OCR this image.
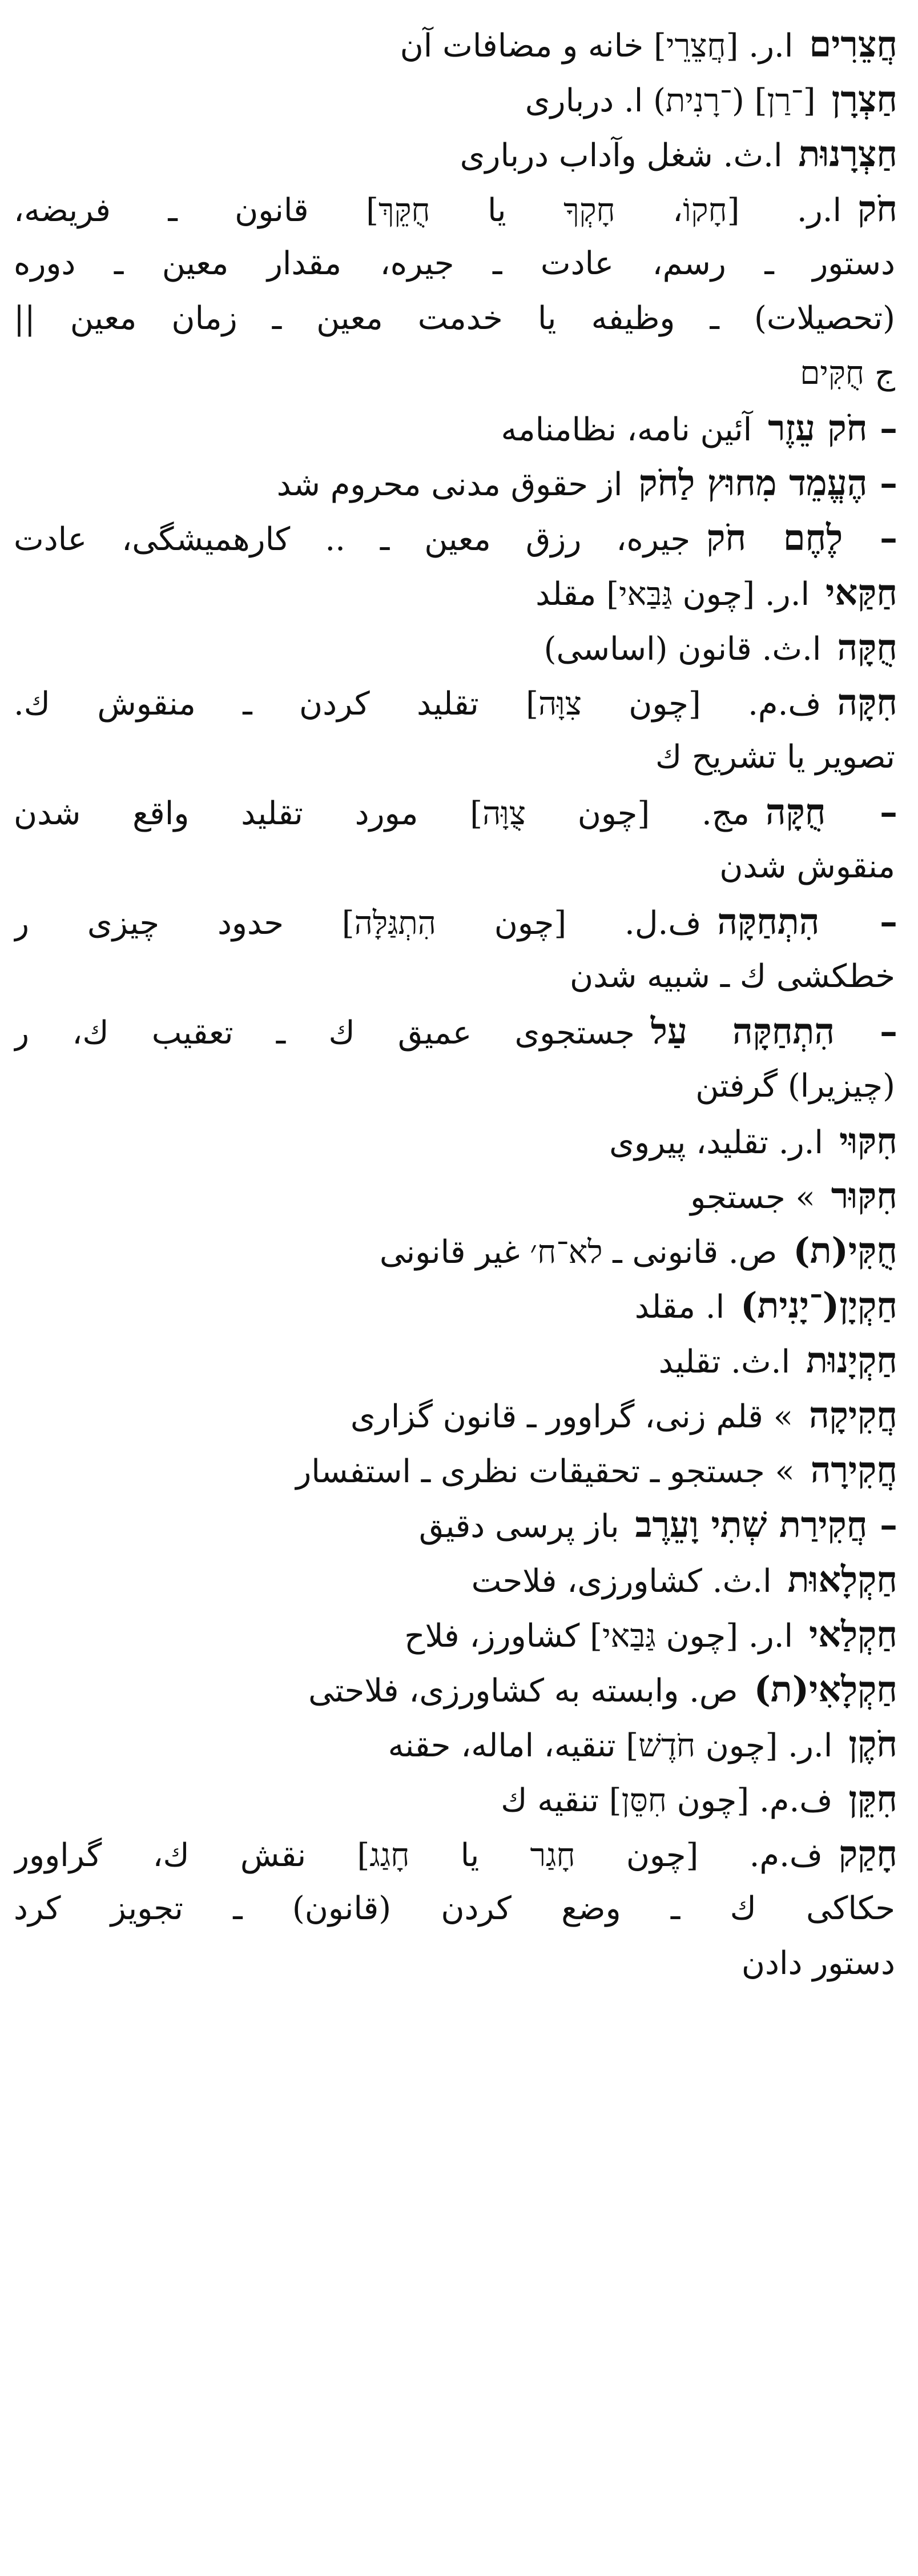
חֲצֵרִיםا.ر. [חֲצֵרֵי] خانه و مضافات آن
חַצְרָן[־רַן] (־רָנִית) ا. درباری
חַצְרָנוּתا.ث. شغل وآداب درباری
חֹקا.ر. [חָקוֹ، חָקְךָ یا חֻקֵּךְ] قانون ـ فریضه،
دستور ـ رسم، عادت ـ جیره، مقدار معین ـ دوره
(تحصیلات) ـ وظیفه یا خدمت معین ـ زمان معین ||
ج חֻקִּים
– חֹק עֵזֶרآئین نامه، نظامنامه
– הֶעֱמֵד מִחוּץ לַחֹקاز حقوق مدنی محروم شد
– לֶחֶם חֹקجیره، رزق معین ـ .. کارهمیشگی، عادت
חַקַּאיا.ر. [چون גַּבַּאי] مقلد
חֻקָּהا.ث. قانون (اساسی)
חִקָּהف.م. [چون צִוָּה] تقلید کردن ـ منقوش ك.
تصویر یا تشریح ك
– חֻקָּהمج. [چون צֻוָּה] مورد تقلید واقع شدن
منقوش شدن
– הִתְחַקָּהف.ل. [چون הִתְגַּלָּה] حدود چیزی ر
خطکشی ك ـ شبیه شدن
– הִתְחַקָּה עַלجستجوی عمیق ك ـ تعقیب ك، ر
(چیزیرا) گرفتن
חִקּוּיا.ر. تقلید، پیروی
חִקּוּר» جستجو
חֻקִּי(ת)ص. قانونی ـ לא־ח׳ غیر قانونی
חַקְיָן(־יָנִית)ا. مقلد
חַקְיָנוּתا.ث. تقلید
חֲקִיקָה» قلم زنی، گراوور ـ قانون گزاری
חֲקִירָה» جستجو ـ تحقیقات نظری ـ استفسار
– חֲקִירַת שְׁתִי וָעֵרֶבباز پرسی دقیق
חַקְלָאוּתا.ث. کشاورزی، فلاحت
חַקְלַאיا.ر. [چون גַּבַּאי] کشاورز، فلاح
חַקְלָאִי(ת)ص. وابسته به کشاورزی، فلاحتی
חֹקֶןا.ر. [چون חֹדֶשׁ] تنقیه، اماله، حقنه
חִקֵּןف.م. [چون חִסֵּן] تنقیه ك
חָקַקف.م. [چون חָגַר یا חָגַג] نقش ك، گراوور
حکاکی ك ـ وضع کردن (قانون) ـ تجویز کرد
دستور دادن
